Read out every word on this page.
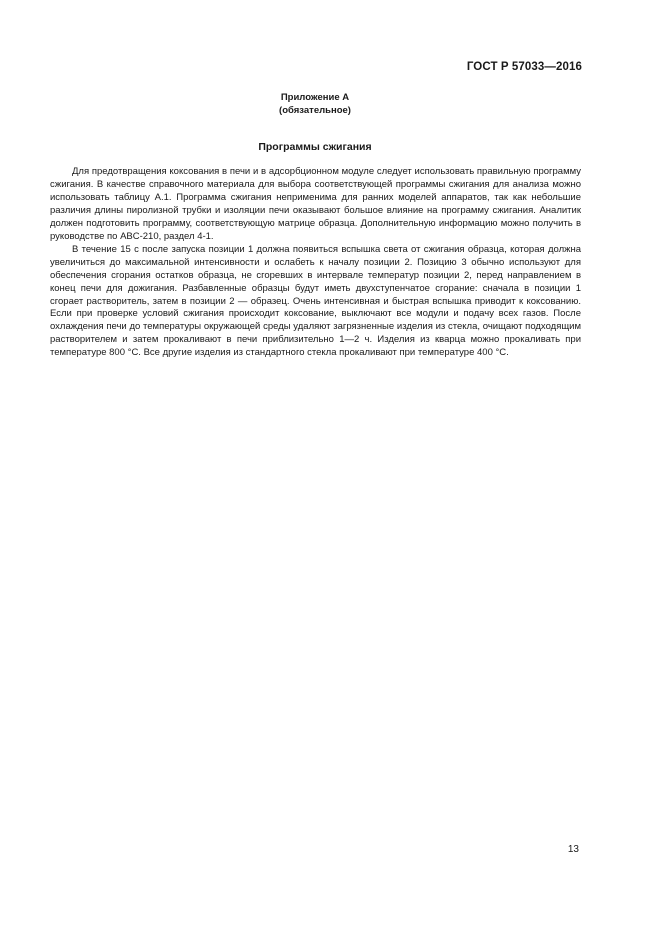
ГОСТ Р 57033—2016
Приложение А
(обязательное)
Программы сжигания

Для предотвращения коксования в печи и в адсорбционном модуле следует использовать правильную программу сжигания. В качестве справочного материала для выбора соответствующей программы сжигания для анализа можно использовать таблицу А.1. Программа сжигания неприменима для ранних моделей аппаратов, так как небольшие различия длины пиролизной трубки и изоляции печи оказывают большое влияние на программу сжигания. Аналитик должен подготовить программу, соответствующую матрице образца. Дополнительную информацию можно получить в руководстве по ABC-210, раздел 4-1.

В течение 15 с после запуска позиции 1 должна появиться вспышка света от сжигания образца, которая должна увеличиться до максимальной интенсивности и ослабеть к началу позиции 2. Позицию 3 обычно используют для обеспечения сгорания остатков образца, не сгоревших в интервале температур позиции 2, перед направлением в конец печи для дожигания. Разбавленные образцы будут иметь двухступенчатое сгорание: сначала в позиции 1 сгорает растворитель, затем в позиции 2 — образец. Очень интенсивная и быстрая вспышка приводит к коксованию. Если при проверке условий сжигания происходит коксование, выключают все модули и подачу всех газов. После охлаждения печи до температуры окружающей среды удаляют загрязненные изделия из стекла, очищают подходящим растворителем и затем прокаливают в печи приблизительно 1—2 ч. Изделия из кварца можно прокаливать при температуре 800 °С. Все другие изделия из стандартного стекла прокаливают при температуре 400 °С.

13
